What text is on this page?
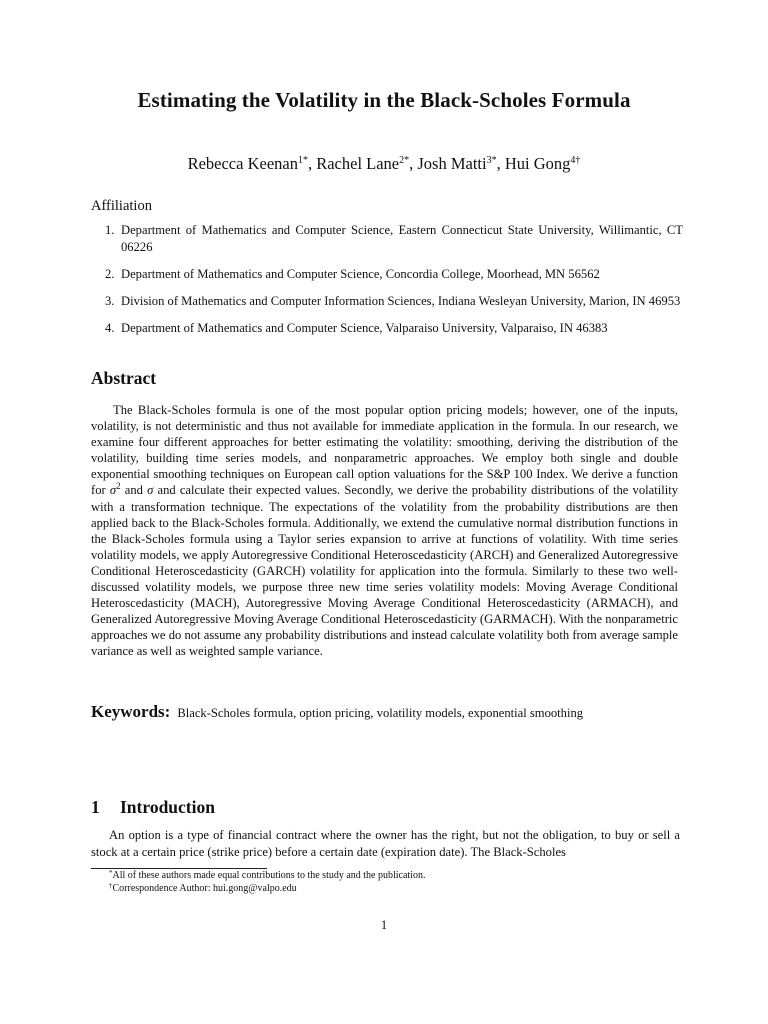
Estimating the Volatility in the Black-Scholes Formula
Rebecca Keenan$^{1*}$, Rachel Lane$^{2*}$, Josh Matti$^{3*}$, Hui Gong$^{4\dagger}$
Affiliation
1. Department of Mathematics and Computer Science, Eastern Connecticut State University, Willimantic, CT 06226
2. Department of Mathematics and Computer Science, Concordia College, Moorhead, MN 56562
3. Division of Mathematics and Computer Information Sciences, Indiana Wesleyan University, Marion, IN 46953
4. Department of Mathematics and Computer Science, Valparaiso University, Valparaiso, IN 46383
Abstract

The Black-Scholes formula is one of the most popular option pricing models; however, one of the inputs, volatility, is not deterministic and thus not available for immediate application in the formula. In our research, we examine four different approaches for better estimating the volatility: smoothing, deriving the distribution of the volatility, building time series models, and nonparametric approaches. We employ both single and double exponential smoothing techniques on European call option valuations for the S&P 100 Index. We derive a function for $\sigma^2$ and σ and calculate their expected values. Secondly, we derive the probability distributions of the volatility with a transformation technique. The expectations of the volatility from the probability distributions are then applied back to the Black-Scholes formula. Additionally, we extend the cumulative normal distribution functions in the Black-Scholes formula using a Taylor series expansion to arrive at functions of volatility. With time series volatility models, we apply Autoregressive Conditional Heteroscedasticity (ARCH) and Generalized Autoregressive Conditional Heteroscedasticity (GARCH) volatility for application into the formula. Similarly to these two well-discussed volatility models, we purpose three new time series volatility models: Moving Average Conditional Heteroscedasticity (MACH), Autoregressive Moving Average Conditional Heteroscedasticity (ARMACH), and Generalized Autoregressive Moving Average Conditional Heteroscedasticity (GARMACH). With the nonparametric approaches we do not assume any probability distributions and instead calculate volatility both from average sample variance as well as weighted sample variance.

Keywords: Black-Scholes formula, option pricing, volatility models, exponential smoothing
1 Introduction

An option is a type of financial contract where the owner has the right, but not the obligation, to buy or sell a stock at a certain price (strike price) before a certain date (expiration date). The Black-Scholes

*All of these authors made equal contributions to the study and the publication.
†Correspondence Author: hui.gong@valpo.edu
1
